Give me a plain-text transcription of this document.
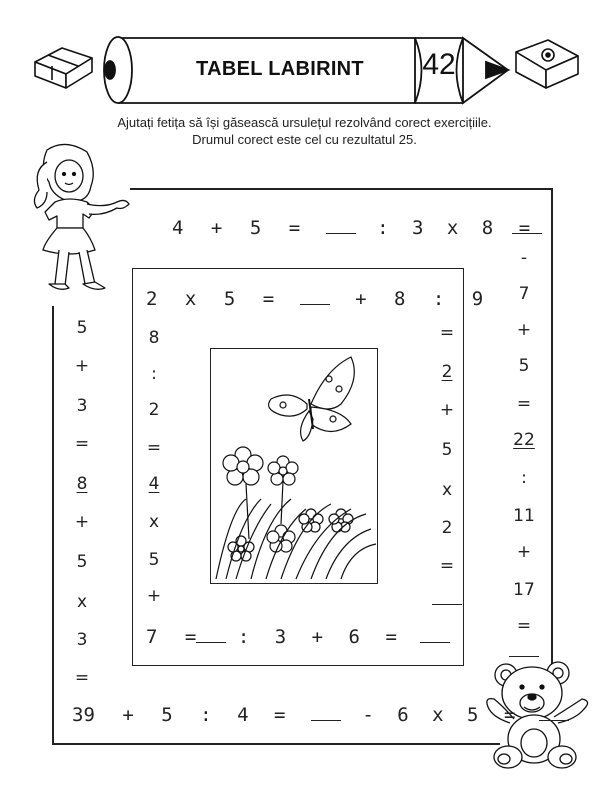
TABEL LABIRINT	42
Ajutați fetița să își găsească ursulețul rezolvând corect exercițiile.
Drumul corect este cel cu rezultatul 25.
4 + 5 =	: 3 x 8 =
-
7
+
5
=
22
:
11
+
17
=
5
+
3
=
8
+
5
x
3
=
39 + 5 : 4 =	- 6 x 5 =
2 x 5 =	+ 8 : 9
8
:
2
=
4
x
5
+
=
2
+
5
x
2
=
7 = : 3 + 6 =
